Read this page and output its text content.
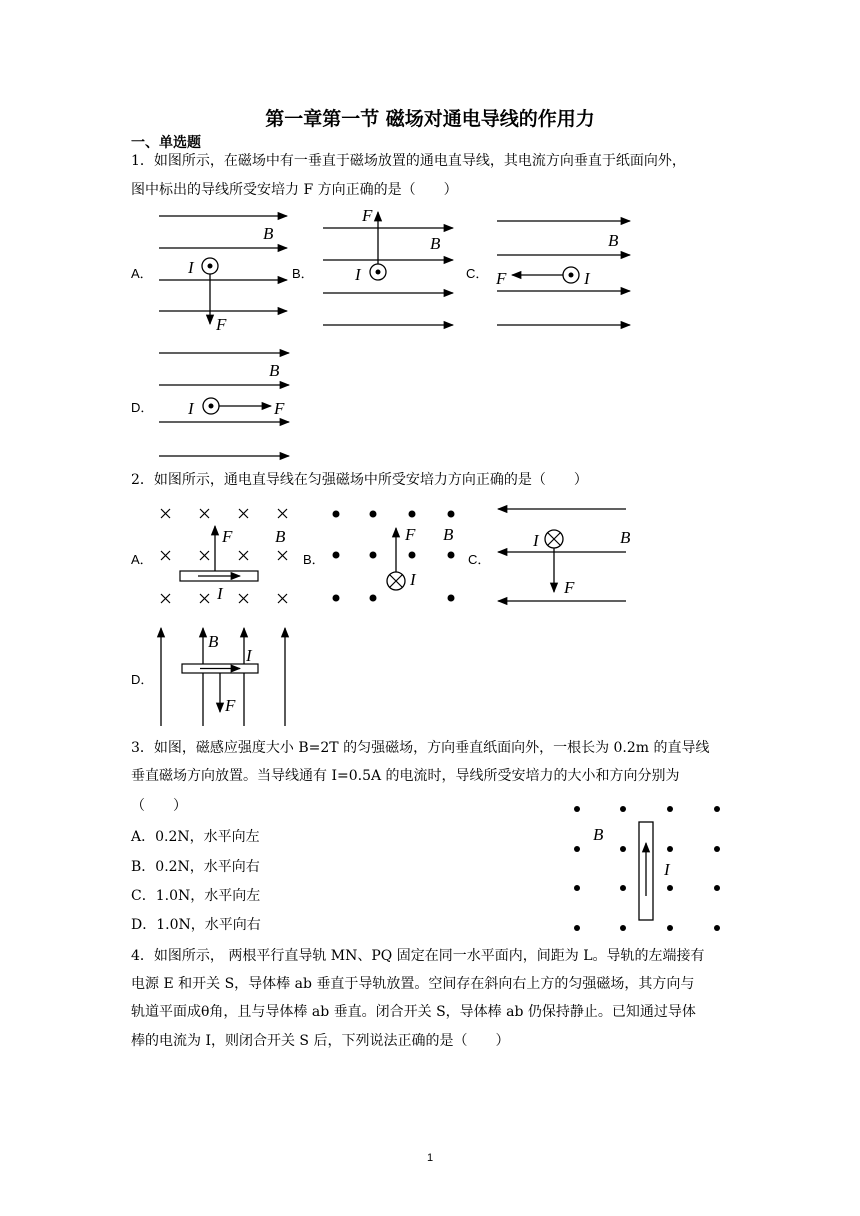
第一章第一节 磁场对通电导线的作用力
一、单选题
1．如图所示，在磁场中有一垂直于磁场放置的通电直导线，其电流方向垂直于纸面向外，
图中标出的导线所受安培力 F 方向正确的是（　　）
A．
B
I
F
B．
F
B
I	C．
B
F	I
D．
B
I	F
2．如图所示，通电直导线在匀强磁场中所受安培力方向正确的是（　　）
A．
F	B
I
B．
F B
I
C．
I	B
F
D．
B
I
F
3．如图，磁感应强度大小 B=2T 的匀强磁场，方向垂直纸面向外，一根长为 0.2m 的直导线
垂直磁场方向放置。当导线通有 I=0.5A 的电流时，导线所受安培力的大小和方向分别为
（　　）
A．0.2N，水平向左
B．0.2N，水平向右
C．1.0N，水平向左
D．1.0N，水平向右
B
I
4．如图所示， 两根平行直导轨 MN、PQ 固定在同一水平面内，间距为 L。导轨的左端接有
电源 E 和开关 S，导体棒 ab 垂直于导轨放置。空间存在斜向右上方的匀强磁场，其方向与
轨道平面成θ角，且与导体棒 ab 垂直。闭合开关 S，导体棒 ab 仍保持静止。已知通过导体
棒的电流为 I，则闭合开关 S 后，下列说法正确的是（　　）
1
